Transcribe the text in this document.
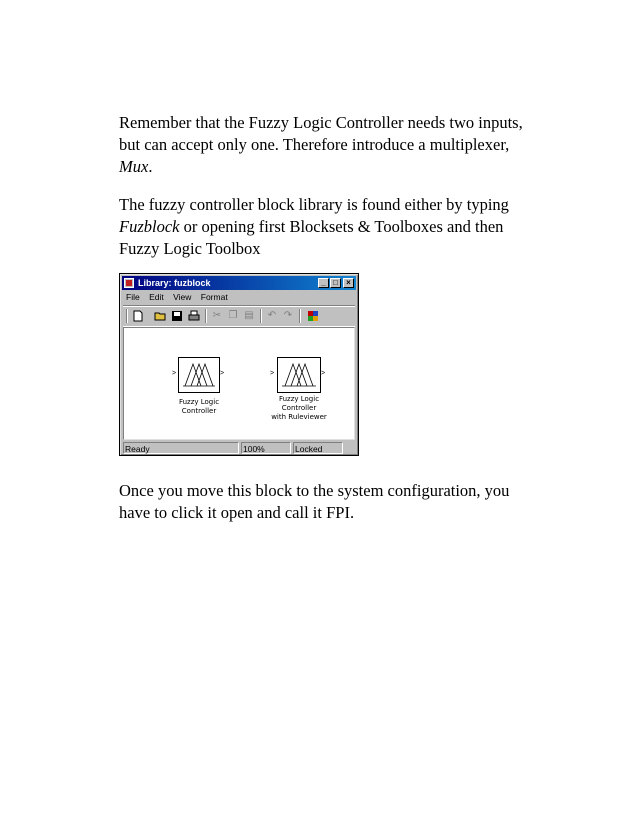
Remember that the Fuzzy Logic Controller needs two inputs,
but can accept only one. Therefore introduce a multiplexer,
Mux.
The fuzzy controller block library is found either by typing
Fuzblock or opening first Blocksets & Toolboxes and then
Fuzzy Logic Toolbox
Library: fuzblock	_ □	×
File Edit View Format
✂ ❐ ▤ ↶ ↷
>	>
Fuzzy Logic
Controller
>	>
Fuzzy Logic
Controller
with Ruleviewer
Ready	100%	Locked
Once you move this block to the system configuration, you
have to click it open and call it FPI.
